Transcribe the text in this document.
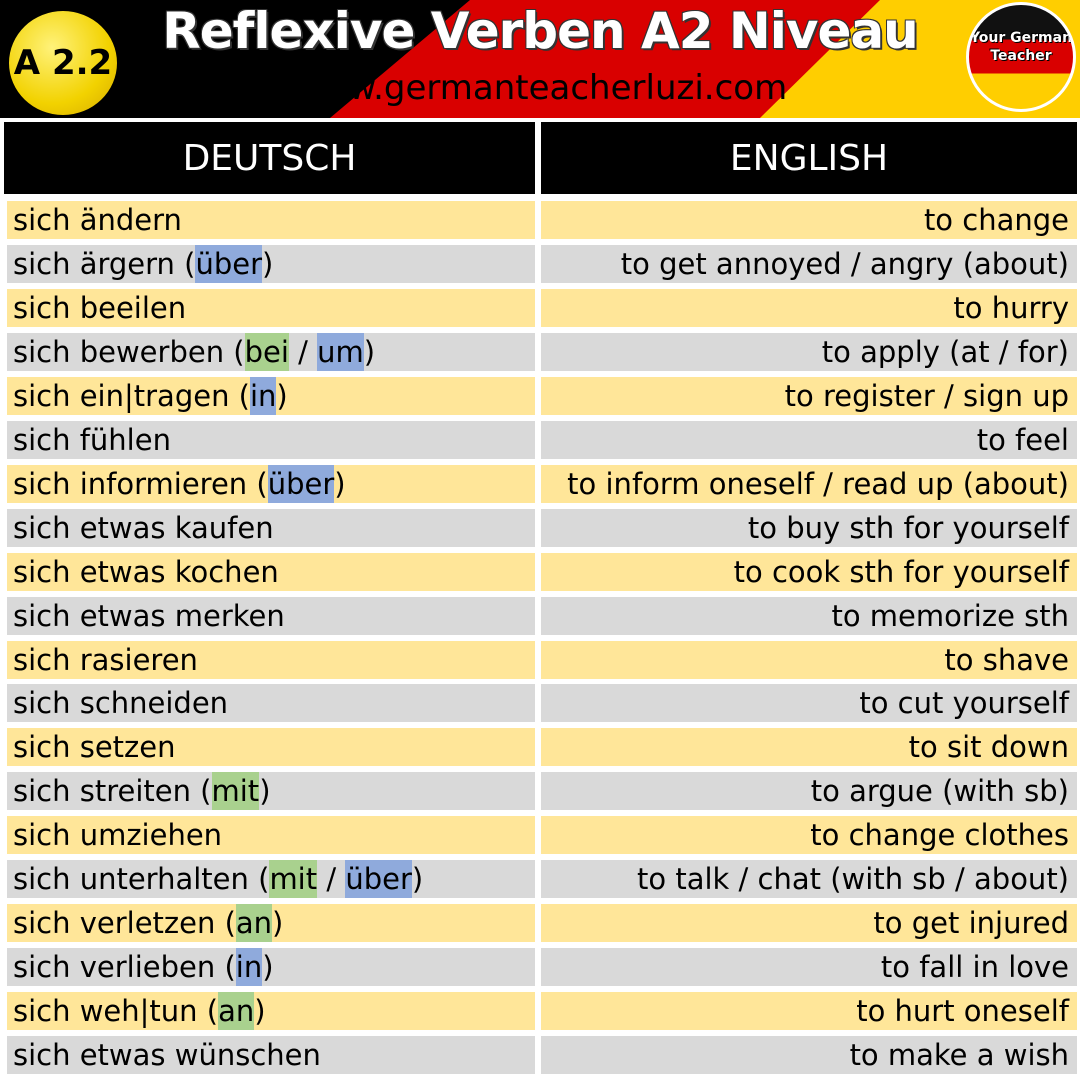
A 2.2
Reflexive Verben A2 Niveau
www.germanteacherluzi.com
Your German Teacher
DEUTSCH	ENGLISH
sich ändern	to change
sich ärgern (über)	to get annoyed / angry (about)
sich beeilen	to hurry
sich bewerben (bei / um)	to apply (at / for)
sich ein|tragen (in)	to register / sign up
sich fühlen	to feel
sich informieren (über)	to inform oneself / read up (about)
sich etwas kaufen	to buy sth for yourself
sich etwas kochen	to cook sth for yourself
sich etwas merken	to memorize sth
sich rasieren	to shave
sich schneiden	to cut yourself
sich setzen	to sit down
sich streiten (mit)	to argue (with sb)
sich umziehen	to change clothes
sich unterhalten (mit / über)	to talk / chat (with sb / about)
sich verletzen (an)	to get injured
sich verlieben (in)	to fall in love
sich weh|tun (an)	to hurt oneself
sich etwas wünschen	to make a wish
